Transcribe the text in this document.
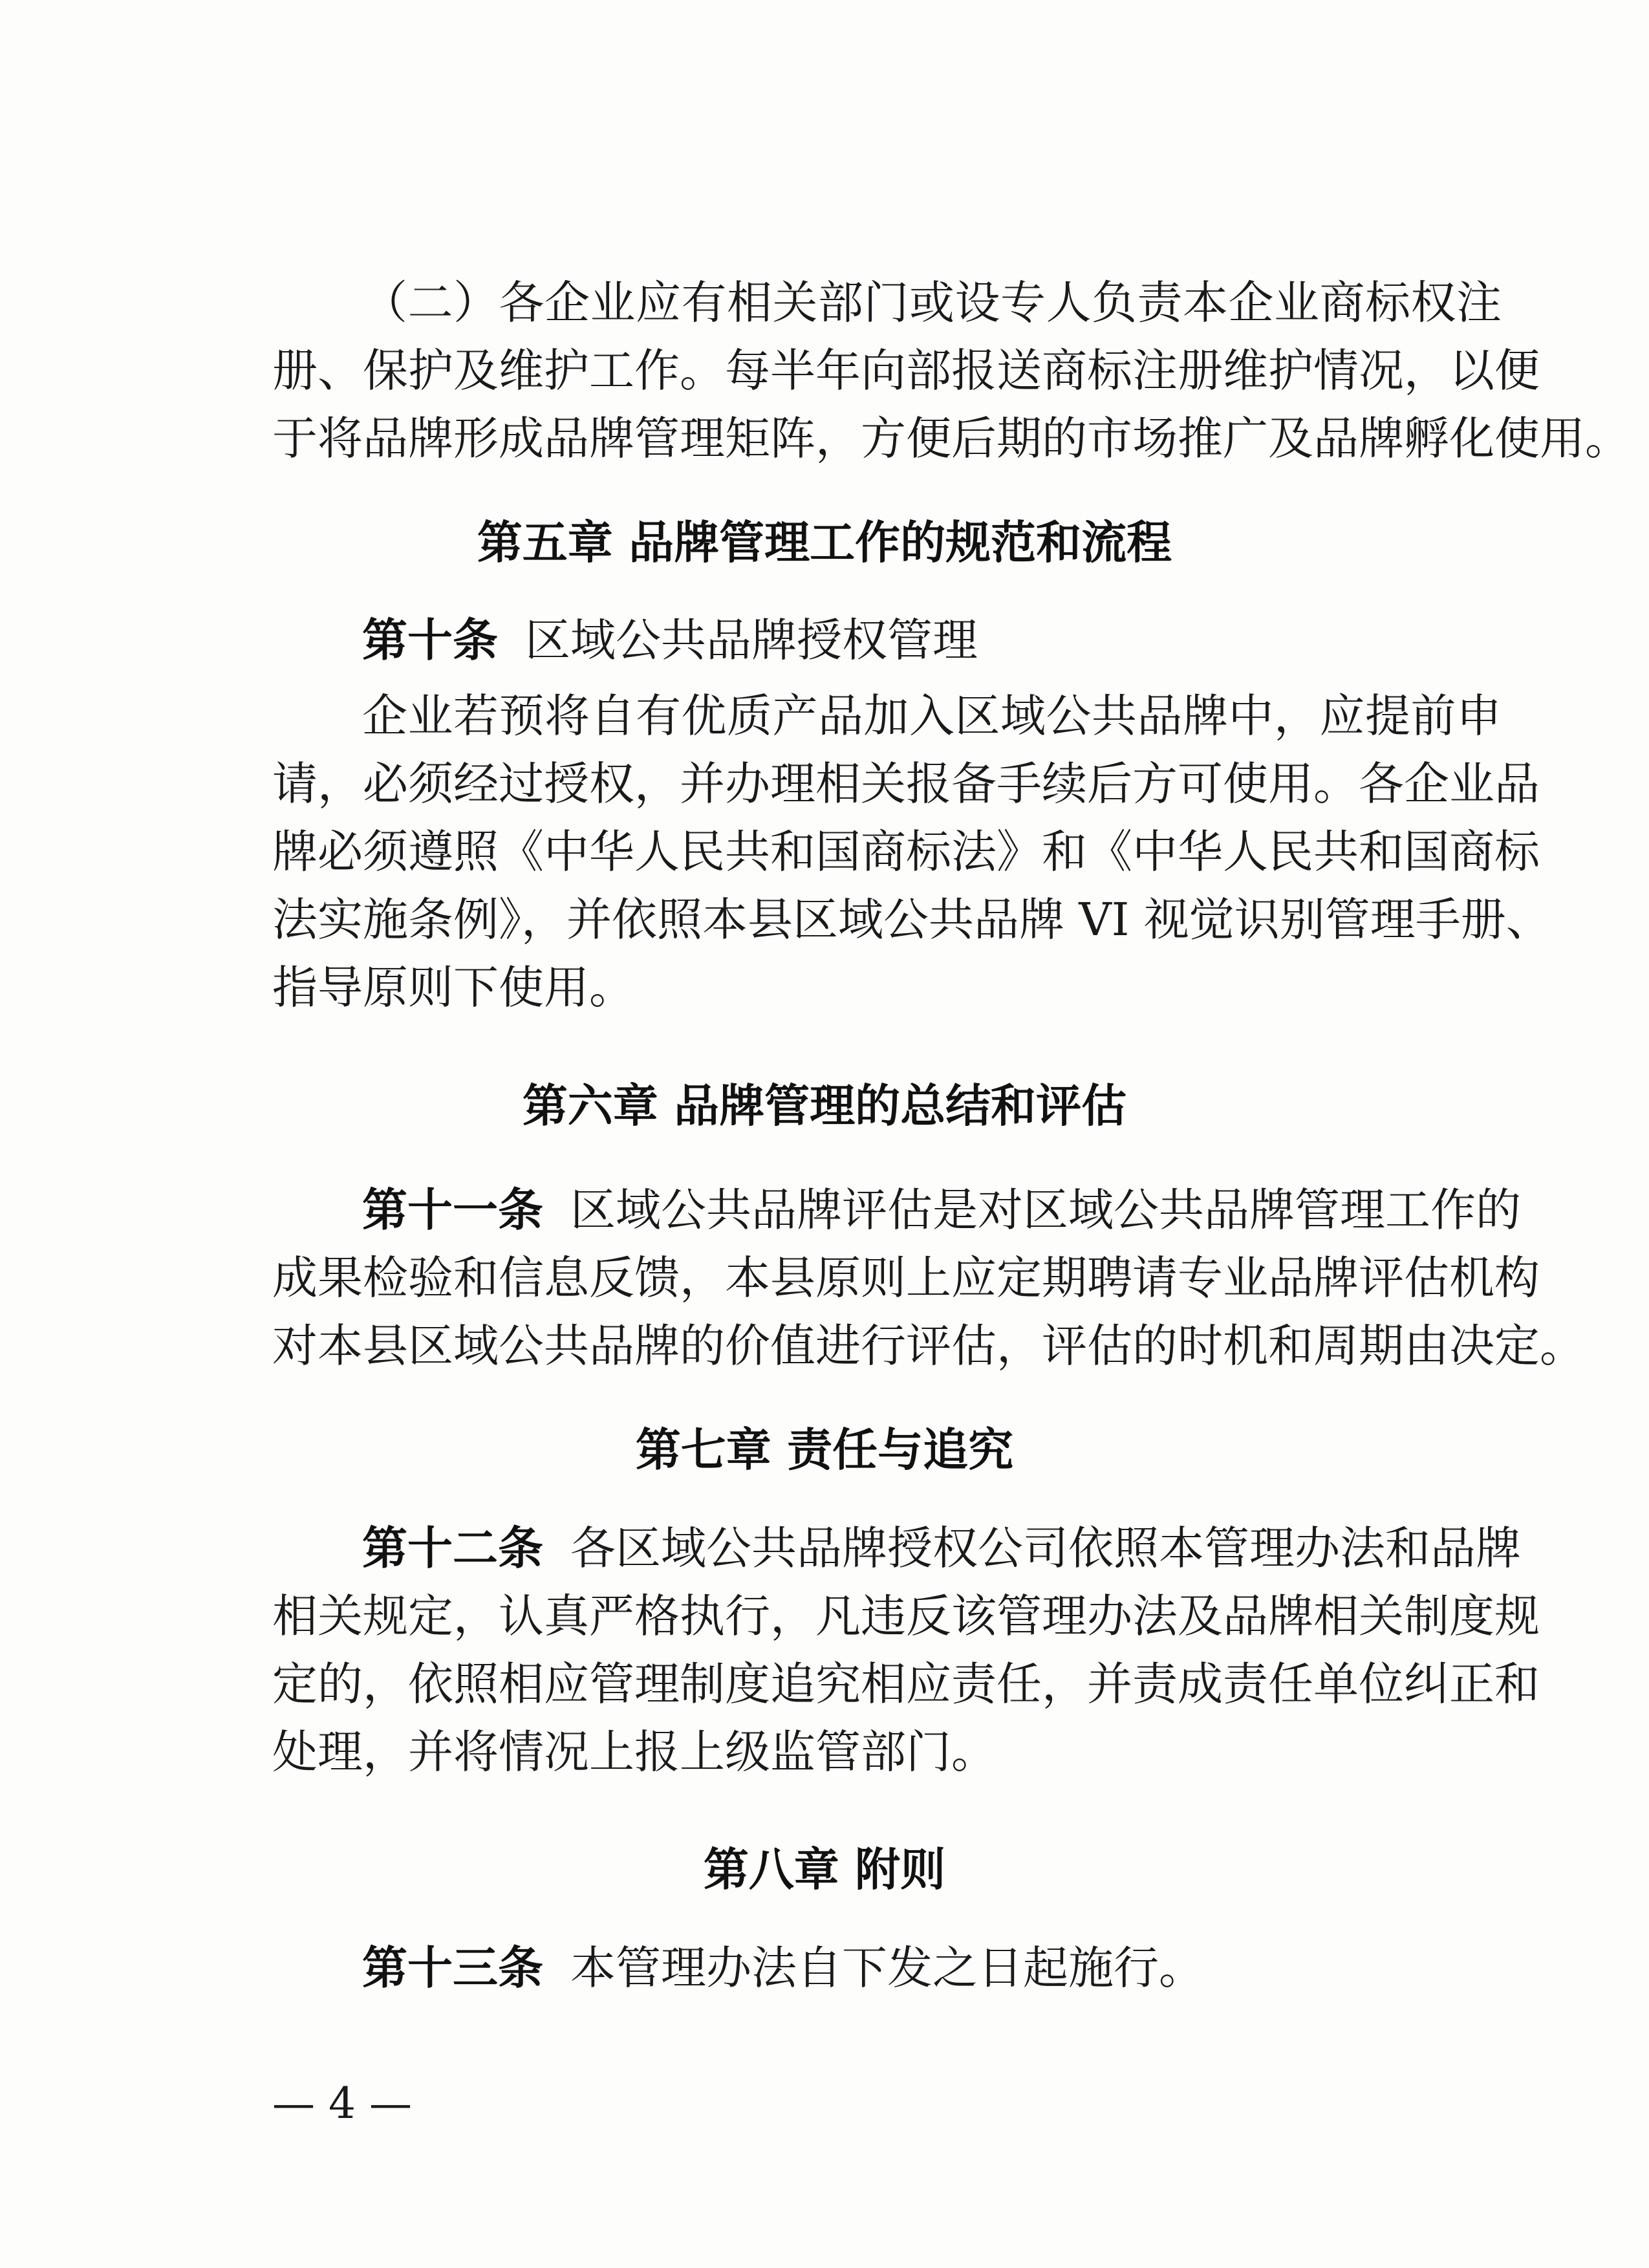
（二）各企业应有相关部门或设专人负责本企业商标权注
册、保护及维护工作。每半年向部报送商标注册维护情况，以便
于将品牌形成品牌管理矩阵，方便后期的市场推广及品牌孵化使用。
第五章 品牌管理工作的规范和流程
第十条 区域公共品牌授权管理
企业若预将自有优质产品加入区域公共品牌中，应提前申
请，必须经过授权，并办理相关报备手续后方可使用。各企业品
牌必须遵照《中华人民共和国商标法》和《中华人民共和国商标
法实施条例》，并依照本县区域公共品牌 VI 视觉识别管理手册、
指导原则下使用。
第六章 品牌管理的总结和评估
第十一条 区域公共品牌评估是对区域公共品牌管理工作的
成果检验和信息反馈，本县原则上应定期聘请专业品牌评估机构
对本县区域公共品牌的价值进行评估，评估的时机和周期由决定。
第七章 责任与追究
第十二条 各区域公共品牌授权公司依照本管理办法和品牌
相关规定，认真严格执行，凡违反该管理办法及品牌相关制度规
定的，依照相应管理制度追究相应责任，并责成责任单位纠正和
处理，并将情况上报上级监管部门。
第八章 附则
第十三条 本管理办法自下发之日起施行。
— 4 —
